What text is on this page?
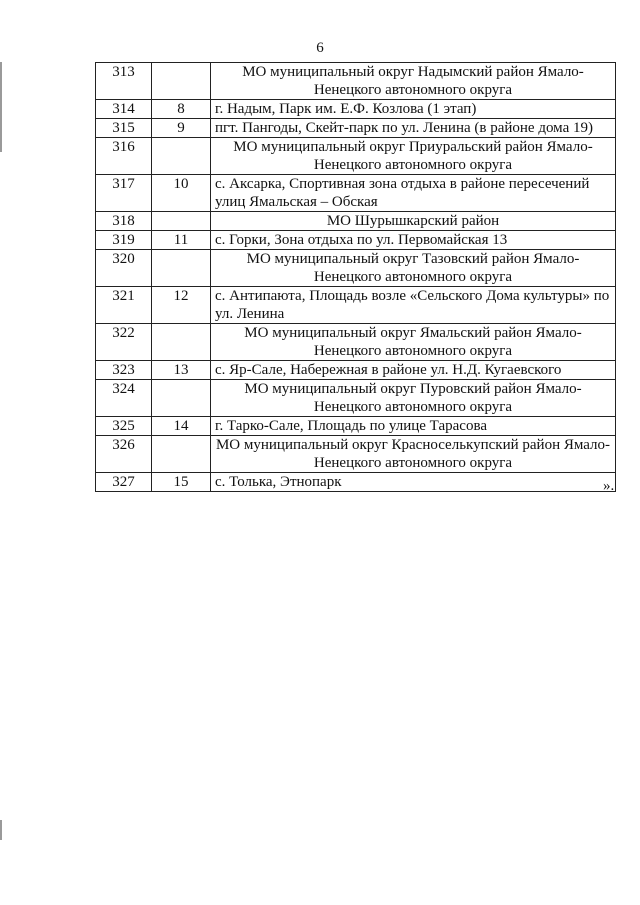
6
313		МО муниципальный округ Надымский район Ямало-Ненецкого автономного округа
314	8	г. Надым, Парк им. Е.Ф. Козлова (1 этап)
315	9	пгт. Пангоды, Скейт-парк по ул. Ленина (в районе дома 19)
316		МО муниципальный округ Приуральский район Ямало-Ненецкого автономного округа
317	10	с. Аксарка, Спортивная зона отдыха в районе пересечений улиц Ямальская – Обская
318		МО Шурышкарский район
319	11	с. Горки, Зона отдыха по ул. Первомайская 13
320		МО муниципальный округ Тазовский район Ямало-Ненецкого автономного округа
321	12	с. Антипаюта, Площадь возле «Сельского Дома культуры» по ул. Ленина
322		МО муниципальный округ Ямальский район Ямало-Ненецкого автономного округа
323	13	с. Яр-Сале, Набережная в районе ул. Н.Д. Кугаевского
324		МО муниципальный округ Пуровский район Ямало-Ненецкого автономного округа
325	14	г. Тарко-Сале, Площадь по улице Тарасова
326		МО муниципальный округ Красноселькупский район Ямало-Ненецкого автономного округа
327	15	с. Толька, Этнопарк	».
